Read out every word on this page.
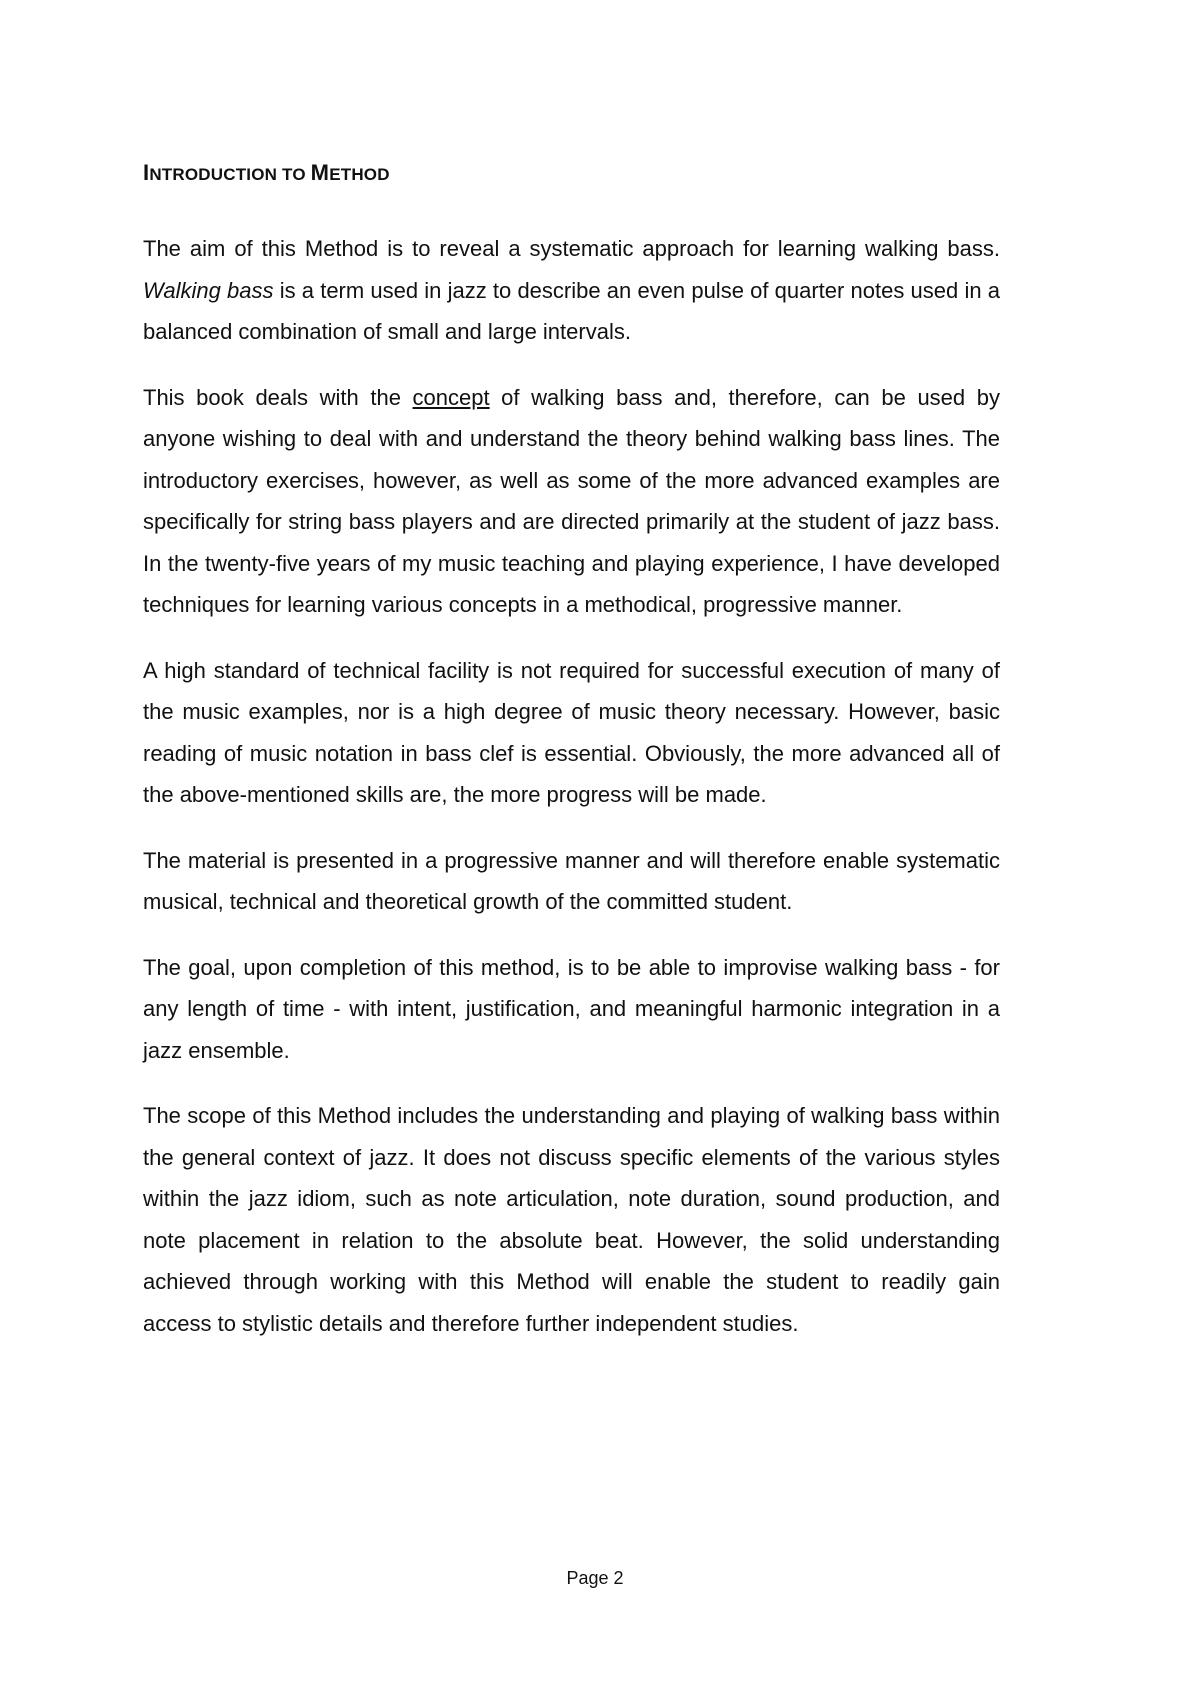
INTRODUCTION TO METHOD

The aim of this Method is to reveal a systematic approach for learning walking bass. Walking bass is a term used in jazz to describe an even pulse of quarter notes used in a balanced combination of small and large intervals.

This book deals with the concept of walking bass and, therefore, can be used by anyone wishing to deal with and understand the theory behind walking bass lines. The introductory exercises, however, as well as some of the more advanced examples are specifically for string bass players and are directed primarily at the student of jazz bass. In the twenty-five years of my music teaching and playing experience, I have developed techniques for learning various concepts in a methodical, progressive manner.

A high standard of technical facility is not required for successful execution of many of the music examples, nor is a high degree of music theory necessary. However, basic reading of music notation in bass clef is essential. Obviously, the more advanced all of the above-mentioned skills are, the more progress will be made.

The material is presented in a progressive manner and will therefore enable systematic musical, technical and theoretical growth of the committed student.

The goal, upon completion of this method, is to be able to improvise walking bass - for any length of time - with intent, justification, and meaningful harmonic integration in a jazz ensemble.

The scope of this Method includes the understanding and playing of walking bass within the general context of jazz. It does not discuss specific elements of the various styles within the jazz idiom, such as note articulation, note duration, sound production, and note placement in relation to the absolute beat. However, the solid understanding achieved through working with this Method will enable the student to readily gain access to stylistic details and therefore further independent studies.

Page 2
